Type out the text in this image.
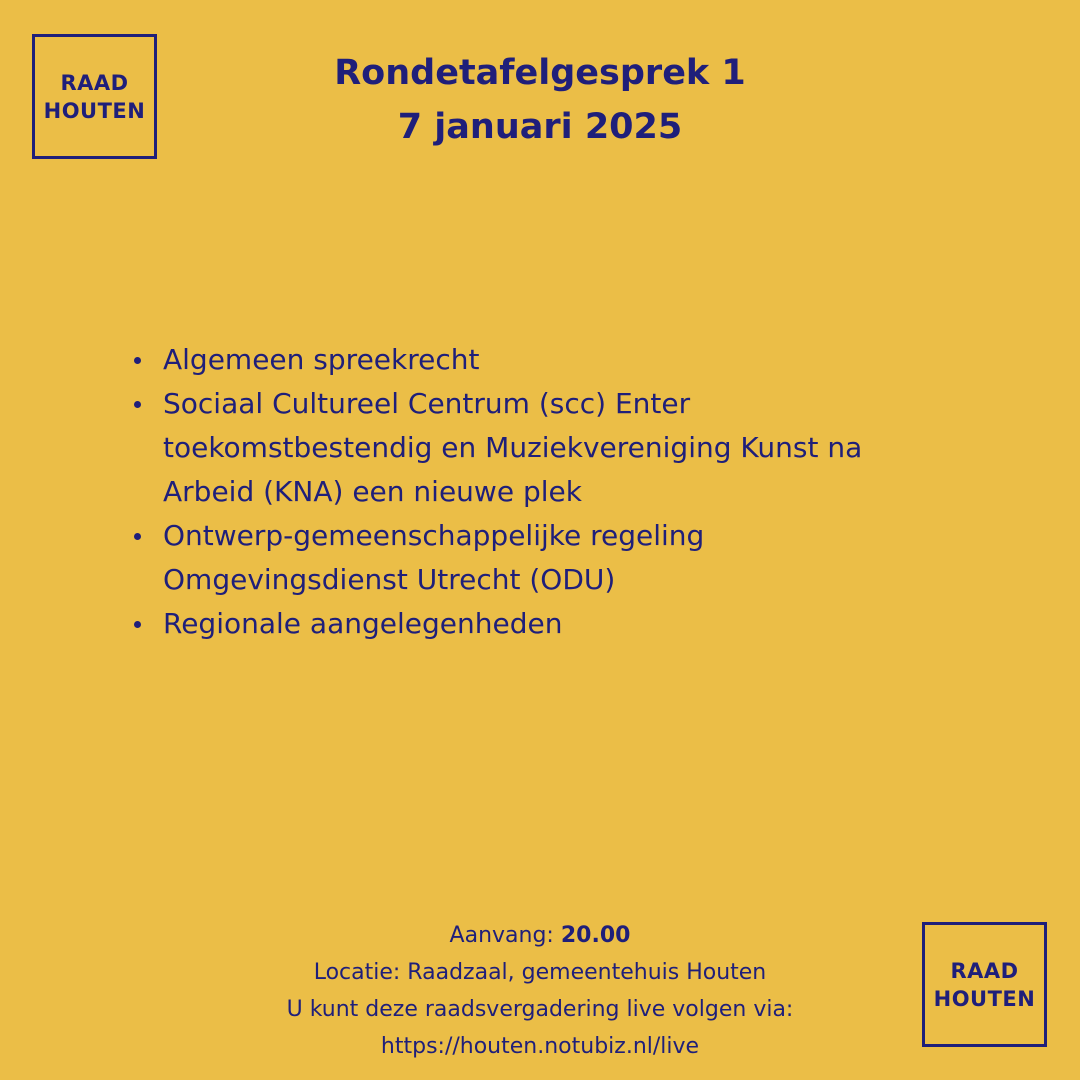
RAAD
HOUTEN
Rondetafelgesprek 1
7 januari 2025
Algemeen spreekrecht
Sociaal Cultureel Centrum (scc) Enter
toekomstbestendig en Muziekvereniging Kunst na
Arbeid (KNA) een nieuwe plek
Ontwerp-gemeenschappelijke regeling
Omgevingsdienst Utrecht (ODU)
Regionale aangelegenheden
Aanvang: 20.00
Locatie: Raadzaal, gemeentehuis Houten
U kunt deze raadsvergadering live volgen via:
https://houten.notubiz.nl/live
RAAD
HOUTEN
